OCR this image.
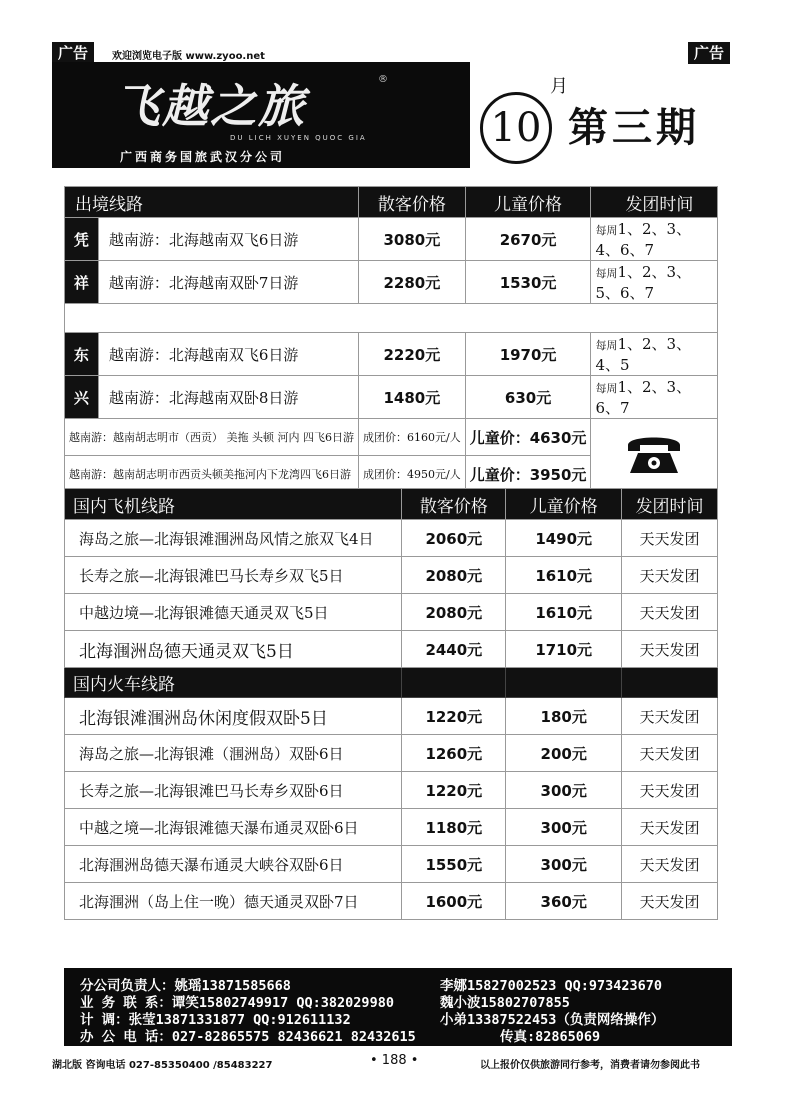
广告	欢迎浏览电子版 www.zyoo.net	广告
飞越之旅	®
DU LICH XUYEN QUOC GIA
广西商务国旅武汉分公司
10
月
第三期
出境线路		散客价格	儿童价格	发团时间
凭	越南游：北海越南双飞6日游	3080元	2670元	每周1、2、3、4、6、7
祥	越南游：北海越南双卧7日游	2280元	1530元	每周1、2、3、5、6、7

东	越南游：北海越南双飞6日游	2220元	1970元	每周1、2、3、4、5
兴	越南游：北海越南双卧8日游	1480元	630元	每周1、2、3、6、7
越南游：越南胡志明市（西贡） 美拖 头顿 河内 四飞6日游		成团价：6160元/人	儿童价：4630元	
越南游：越南胡志明市西贡头顿美拖河内下龙湾四飞6日游		成团价：4950元/人	儿童价：3950元	
国内飞机线路	散客价格	儿童价格	发团时间
海岛之旅—北海银滩涠洲岛风情之旅双飞4日	2060元	1490元	天天发团
长寿之旅—北海银滩巴马长寿乡双飞5日	2080元	1610元	天天发团
中越边境—北海银滩德天通灵双飞5日	2080元	1610元	天天发团
北海涠洲岛德天通灵双飞5日	2440元	1710元	天天发团
国内火车线路			
北海银滩涠洲岛休闲度假双卧5日	1220元	180元	天天发团
海岛之旅—北海银滩（涠洲岛）双卧6日	1260元	200元	天天发团
长寿之旅—北海银滩巴马长寿乡双卧6日	1220元	300元	天天发团
中越之境—北海银滩德天瀑布通灵双卧6日	1180元	300元	天天发团
北海涠洲岛德天瀑布通灵大峡谷双卧6日	1550元	300元	天天发团
北海涠洲（岛上住一晚）德天通灵双卧7日	1600元	360元	天天发团
分公司负责人：姚瑶13871585668	李娜15827002523 QQ:973423670
业 务 联 系：谭笑15802749917 QQ:382029980	魏小波15802707855
计 调：张莹13871331877 QQ:912611132	小弟13387522453（负责网络操作）
办 公 电 话：027-82865575 82436621 82432615	传真:82865069
湖北版 咨询电话 027-85350400 /85483227	• 188 •	以上报价仅供旅游同行参考，消费者请勿参阅此书
